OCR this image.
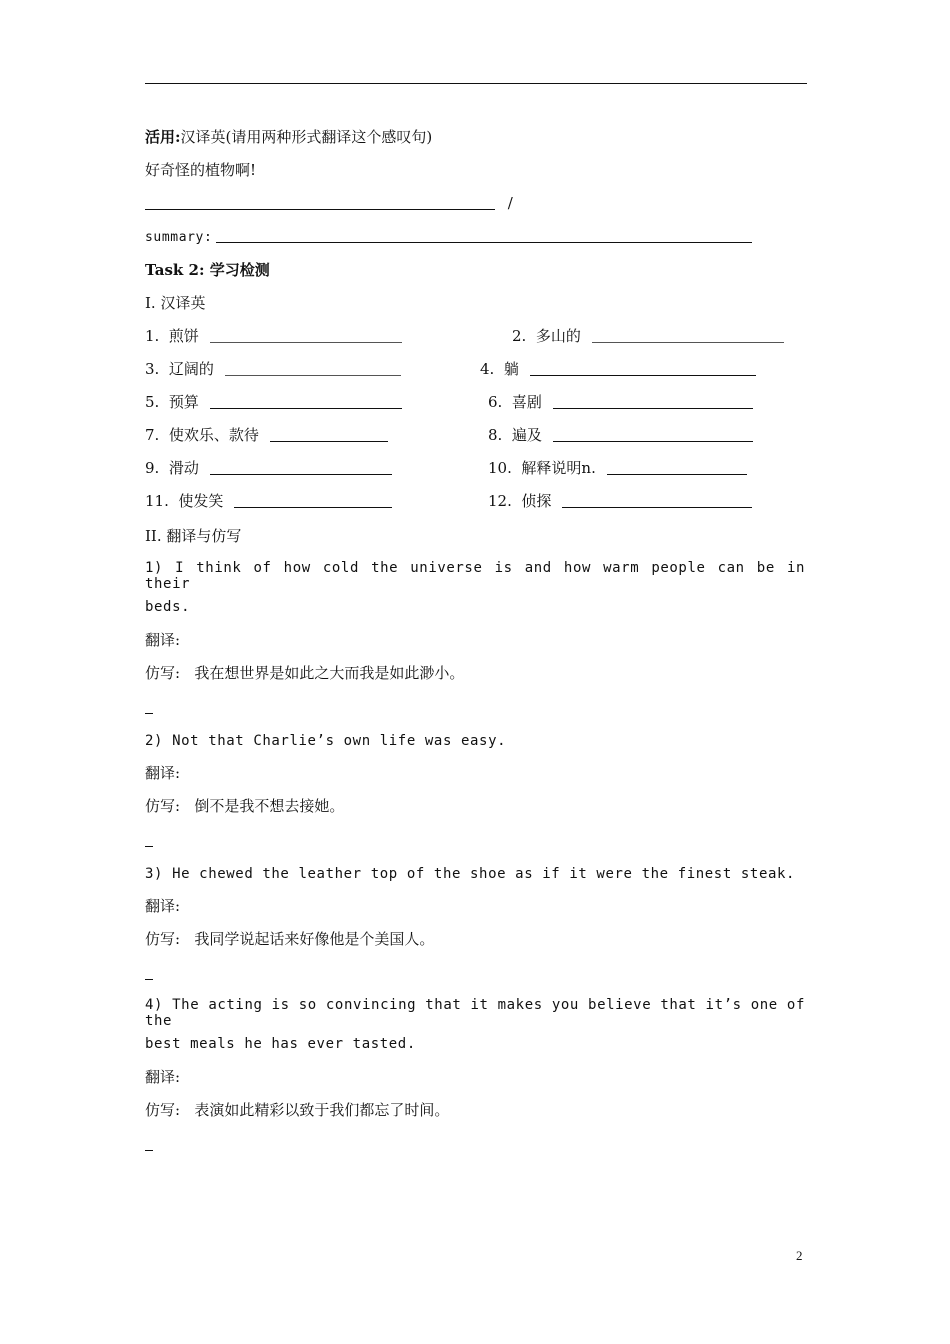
活用:汉译英(请用两种形式翻译这个感叹句)
好奇怪的植物啊!
/
summary:
Task 2: 学习检测
I. 汉译英
1. 煎饼	2. 多山的
3. 辽阔的	4. 躺
5. 预算	6. 喜剧
7. 使欢乐、款待	8. 遍及
9. 滑动	10. 解释说明n.
11. 使发笑	12. 侦探
II. 翻译与仿写
1) I think of how cold the universe is and how warm people can be in their
beds.
翻译:
仿写: 我在想世界是如此之大而我是如此渺小。
2) Not that Charlie’s own life was easy.
翻译:
仿写: 倒不是我不想去接她。
3) He chewed the leather top of the shoe as if it were the finest steak.
翻译:
仿写: 我同学说起话来好像他是个美国人。
4) The acting is so convincing that it makes you believe that it’s one of the
best meals he has ever tasted.
翻译:
仿写: 表演如此精彩以致于我们都忘了时间。
2
